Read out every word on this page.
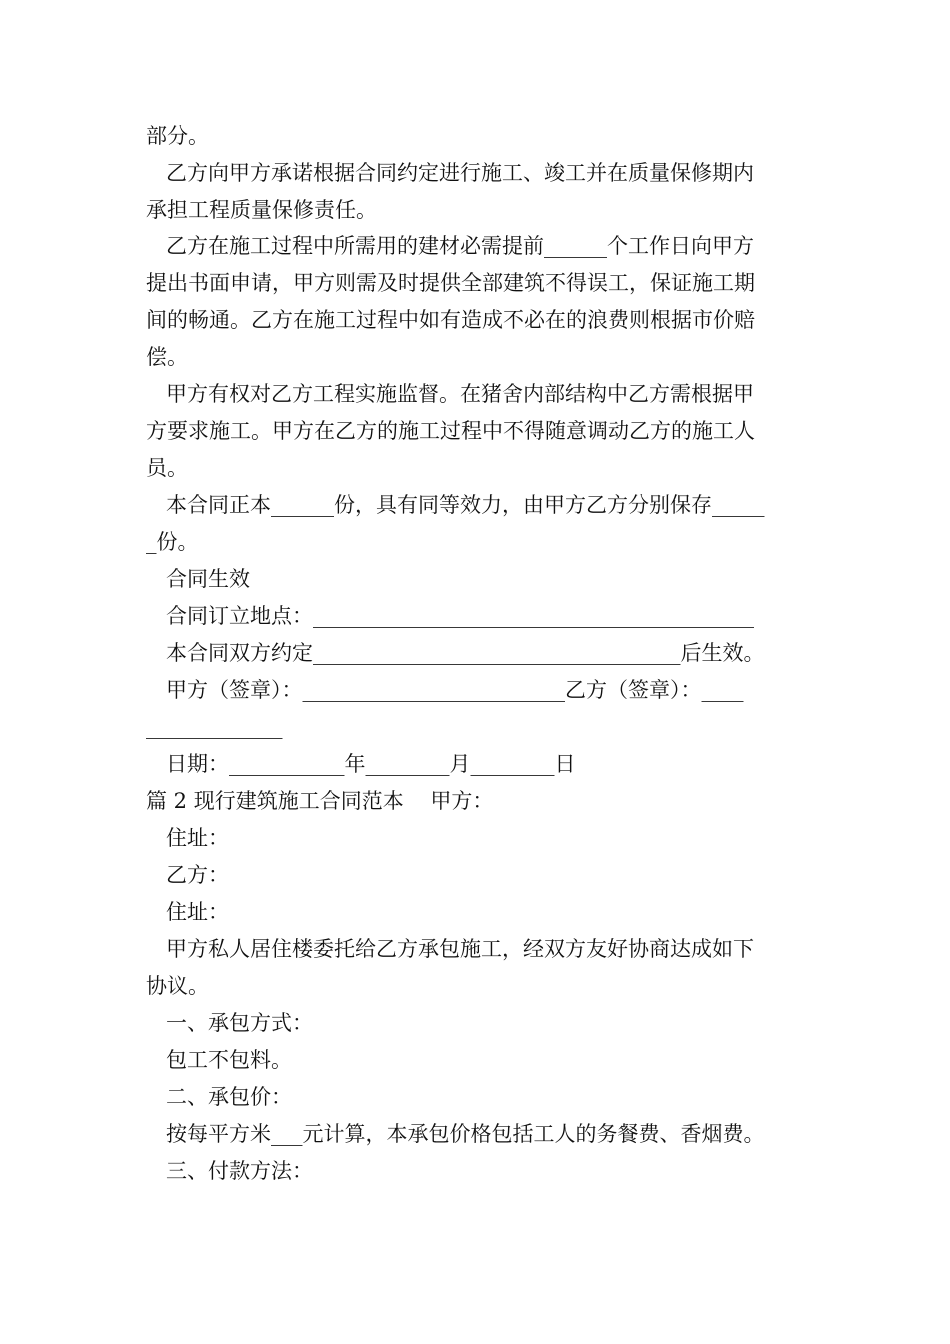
部分。
乙方向甲方承诺根据合同约定进行施工、竣工并在质量保修期内
承担工程质量保修责任。
乙方在施工过程中所需用的建材必需提前______个工作日向甲方
提出书面申请，甲方则需及时提供全部建筑不得误工，保证施工期
间的畅通。乙方在施工过程中如有造成不必在的浪费则根据市价赔
偿。
甲方有权对乙方工程实施监督。在猪舍内部结构中乙方需根据甲
方要求施工。甲方在乙方的施工过程中不得随意调动乙方的施工人
员。
本合同正本______份，具有同等效力，由甲方乙方分别保存_____
_份。
合同生效
合同订立地点：__________________________________________
本合同双方约定___________________________________后生效。
甲方（签章）：_________________________乙方（签章）：____
_____________
日期：___________年________月________日
篇 2 现行建筑施工合同范本    甲方：
住址：
乙方：
住址：
甲方私人居住楼委托给乙方承包施工，经双方友好协商达成如下
协议。
一、承包方式：
包工不包料。
二、承包价：
按每平方米___元计算，本承包价格包括工人的务餐费、香烟费。
三、付款方法：
